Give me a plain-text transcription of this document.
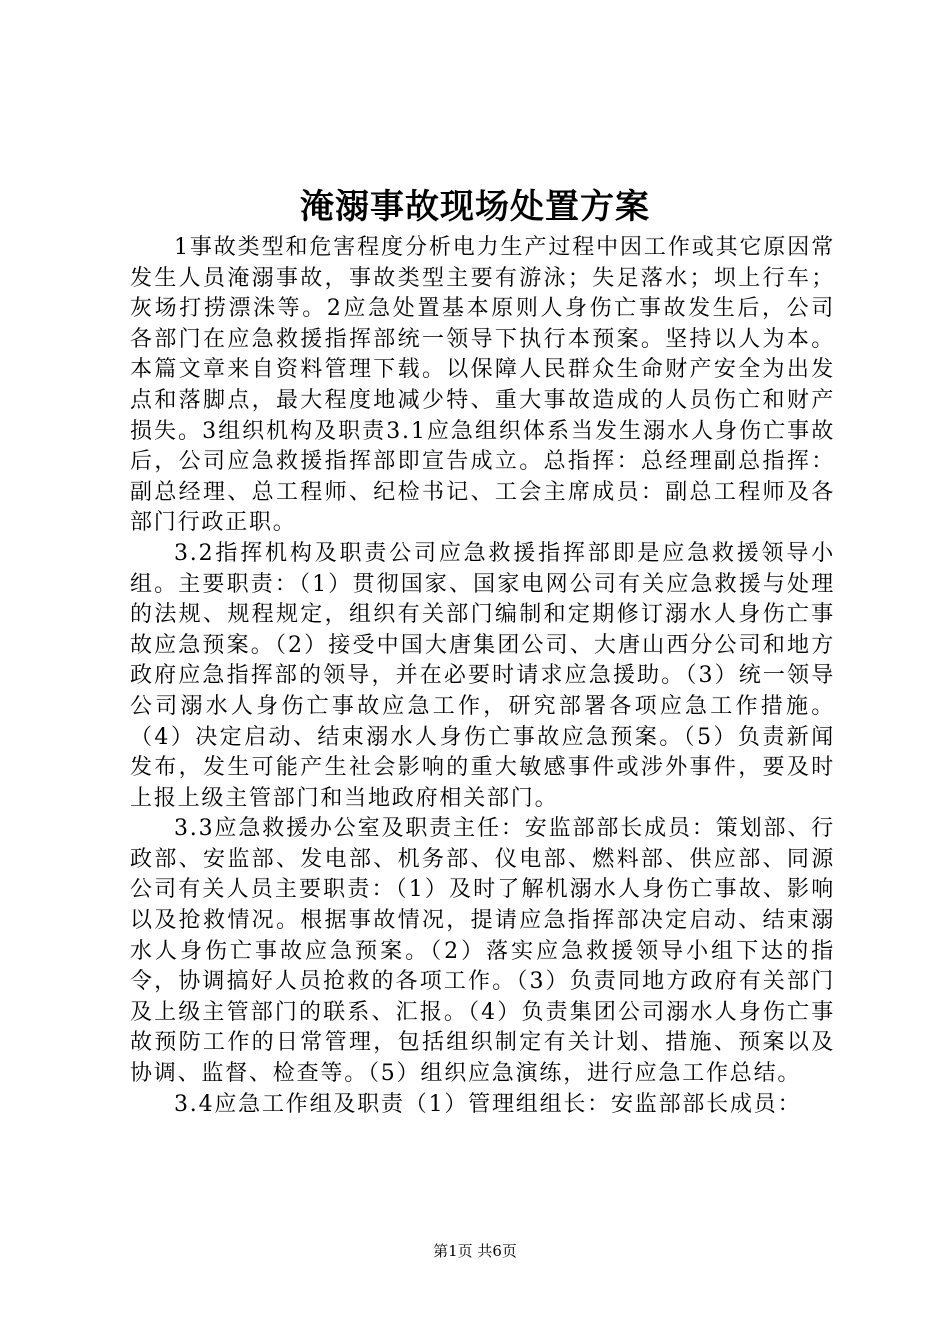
淹溺事故现场处置方案

1事故类型和危害程度分析电力生产过程中因工作或其它原因常发生人员淹溺事故，事故类型主要有游泳；失足落水；坝上行车；灰场打捞漂洙等。2应急处置基本原则人身伤亡事故发生后，公司各部门在应急救援指挥部统一领导下执行本预案。坚持以人为本。本篇文章来自资料管理下载。以保障人民群众生命财产安全为出发点和落脚点，最大程度地减少特、重大事故造成的人员伤亡和财产损失。3组织机构及职责3.1应急组织体系当发生溺水人身伤亡事故后，公司应急救援指挥部即宣告成立。总指挥：总经理副总指挥：副总经理、总工程师、纪检书记、工会主席成员：副总工程师及各部门行政正职。

3.2指挥机构及职责公司应急救援指挥部即是应急救援领导小组。主要职责：（1）贯彻国家、国家电网公司有关应急救援与处理的法规、规程规定，组织有关部门编制和定期修订溺水人身伤亡事故应急预案。（2）接受中国大唐集团公司、大唐山西分公司和地方政府应急指挥部的领导，并在必要时请求应急援助。（3）统一领导公司溺水人身伤亡事故应急工作，研究部署各项应急工作措施。（4）决定启动、结束溺水人身伤亡事故应急预案。（5）负责新闻发布，发生可能产生社会影响的重大敏感事件或涉外事件，要及时上报上级主管部门和当地政府相关部门。

3.3应急救援办公室及职责主任：安监部部长成员：策划部、行政部、安监部、发电部、机务部、仪电部、燃料部、供应部、同源公司有关人员主要职责：（1）及时了解机溺水人身伤亡事故、影响以及抢救情况。根据事故情况，提请应急指挥部决定启动、结束溺水人身伤亡事故应急预案。（2）落实应急救援领导小组下达的指令，协调搞好人员抢救的各项工作。（3）负责同地方政府有关部门及上级主管部门的联系、汇报。（4）负责集团公司溺水人身伤亡事故预防工作的日常管理，包括组织制定有关计划、措施、预案以及协调、监督、检查等。（5）组织应急演练，进行应急工作总结。

3.4应急工作组及职责（1）管理组组长：安监部部长成员：

第1页 共6页
